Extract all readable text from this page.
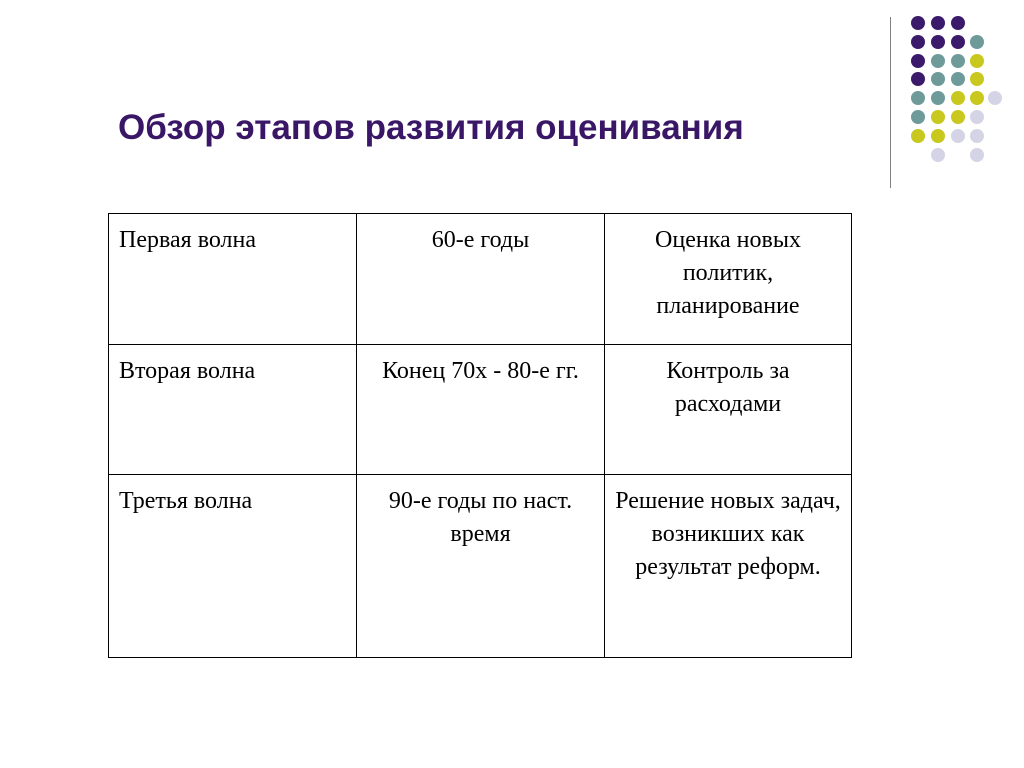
Обзор этапов развития оценивания
Первая волна	60-е годы	Оценка новых политик, планирование

Вторая волна	Конец 70х - 80-е гг.	Контроль за расходами

Третья волна	90-е годы по наст. время	Решение новых задач, возникших как результат реформ.
